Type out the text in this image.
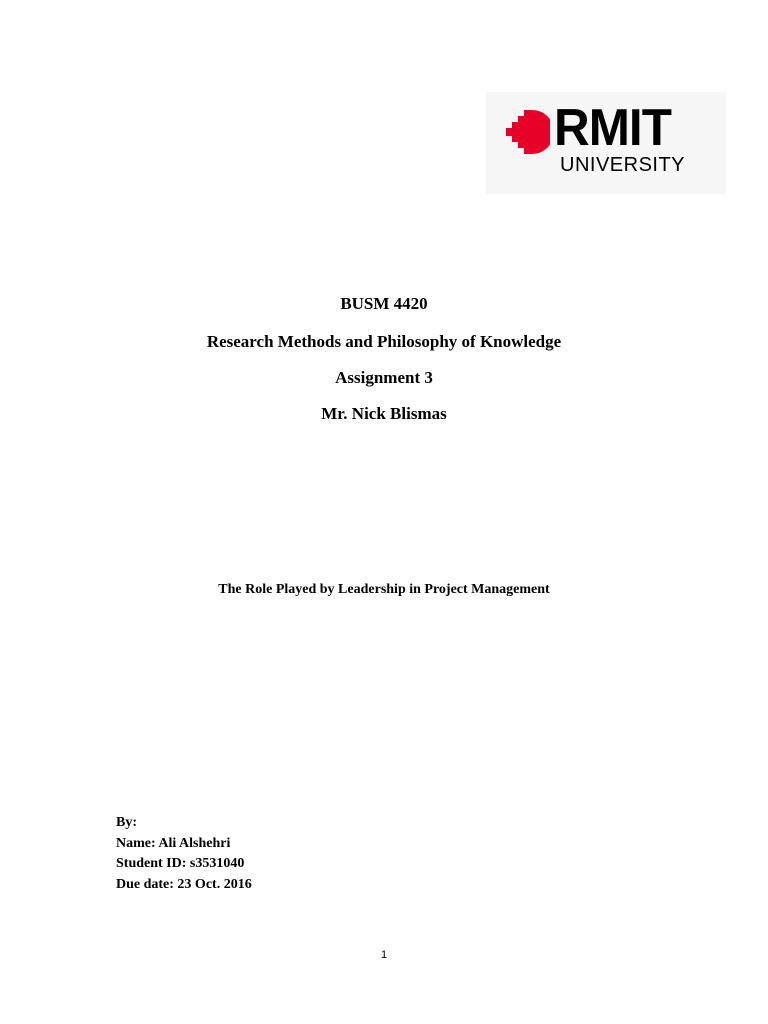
RMIT
UNIVERSITY
BUSM 4420
Research Methods and Philosophy of Knowledge
Assignment 3
Mr. Nick Blismas
The Role Played by Leadership in Project Management
By:
Name: Ali Alshehri
Student ID: s3531040
Due date: 23 Oct. 2016
1
